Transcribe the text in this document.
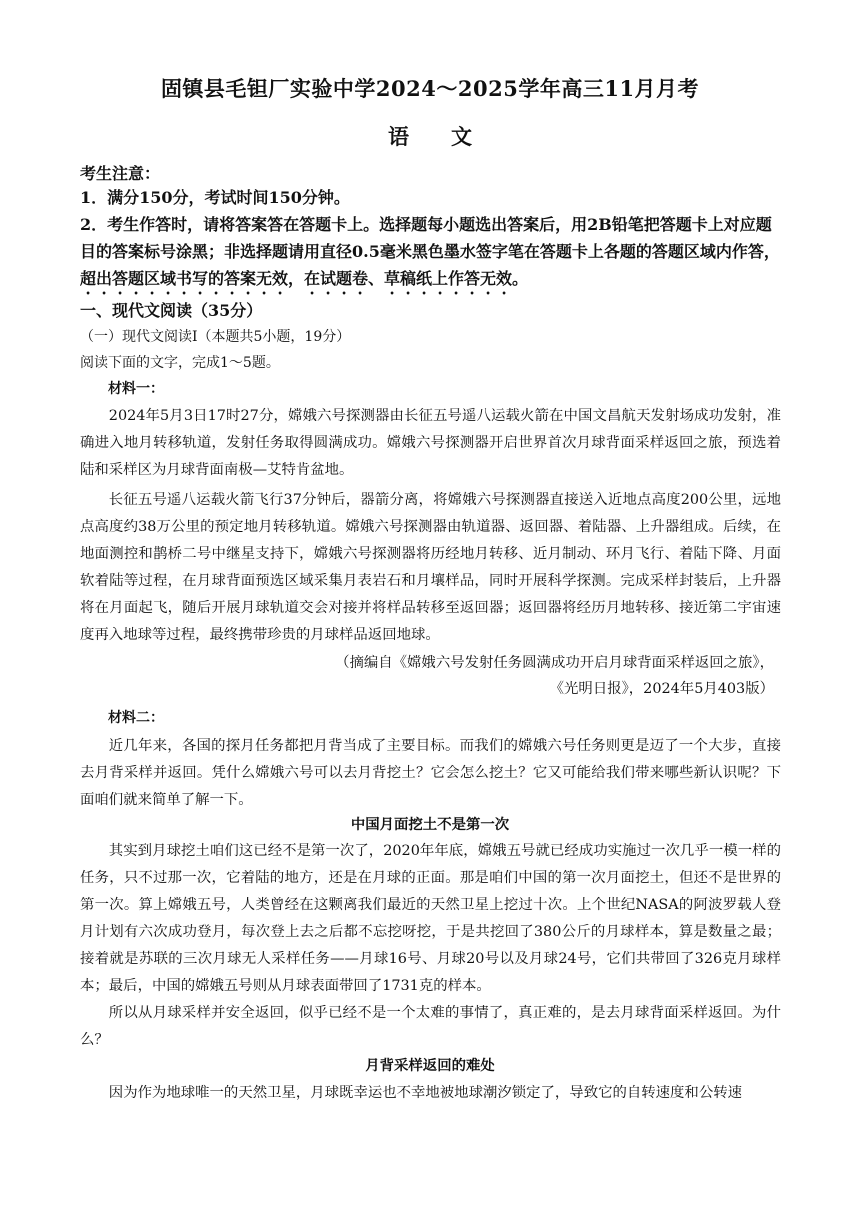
固镇县毛钽厂实验中学2024～2025学年高三11月月考
语文
考生注意：
1．满分150分，考试时间150分钟。
2．考生作答时，请将答案答在答题卡上。选择题每小题选出答案后，用2B铅笔把答题卡上对应题目的答案标号涂黑；非选择题请用直径0.5毫米黑色墨水签字笔在答题卡上各题的答题区域内作答，超出答题区域书写的答案无效，在试题卷、草稿纸上作答无效。
一、现代文阅读（35分）
（一）现代文阅读Ⅰ（本题共5小题，19分）
阅读下面的文字，完成1～5题。
材料一：
2024年5月3日17时27分，嫦娥六号探测器由长征五号遥八运载火箭在中国文昌航天发射场成功发射，准确进入地月转移轨道，发射任务取得圆满成功。嫦娥六号探测器开启世界首次月球背面采样返回之旅，预选着陆和采样区为月球背面南极—艾特肯盆地。
长征五号遥八运载火箭飞行37分钟后，器箭分离，将嫦娥六号探测器直接送入近地点高度200公里，远地点高度约38万公里的预定地月转移轨道。嫦娥六号探测器由轨道器、返回器、着陆器、上升器组成。后续，在地面测控和鹊桥二号中继星支持下，嫦娥六号探测器将历经地月转移、近月制动、环月飞行、着陆下降、月面软着陆等过程，在月球背面预选区域采集月表岩石和月壤样品，同时开展科学探测。完成采样封装后，上升器将在月面起飞，随后开展月球轨道交会对接并将样品转移至返回器；返回器将经历月地转移、接近第二宇宙速度再入地球等过程，最终携带珍贵的月球样品返回地球。
（摘编自《嫦娥六号发射任务圆满成功开启月球背面采样返回之旅》，
《光明日报》，2024年5月403版）
材料二：
近几年来，各国的探月任务都把月背当成了主要目标。而我们的嫦娥六号任务则更是迈了一个大步，直接去月背采样并返回。凭什么嫦娥六号可以去月背挖土？它会怎么挖土？它又可能给我们带来哪些新认识呢？下面咱们就来简单了解一下。
中国月面挖土不是第一次
其实到月球挖土咱们这已经不是第一次了，2020年年底，嫦娥五号就已经成功实施过一次几乎一模一样的任务，只不过那一次，它着陆的地方，还是在月球的正面。那是咱们中国的第一次月面挖土，但还不是世界的第一次。算上嫦娥五号，人类曾经在这颗离我们最近的天然卫星上挖过十次。上个世纪NASA的阿波罗载人登月计划有六次成功登月，每次登上去之后都不忘挖呀挖，于是共挖回了380公斤的月球样本，算是数量之最；接着就是苏联的三次月球无人采样任务——月球16号、月球20号以及月球24号，它们共带回了326克月球样本；最后，中国的嫦娥五号则从月球表面带回了1731克的样本。
所以从月球采样并安全返回，似乎已经不是一个太难的事情了，真正难的，是去月球背面采样返回。为什么？
月背采样返回的难处
因为作为地球唯一的天然卫星，月球既幸运也不幸地被地球潮汐锁定了，导致它的自转速度和公转速
